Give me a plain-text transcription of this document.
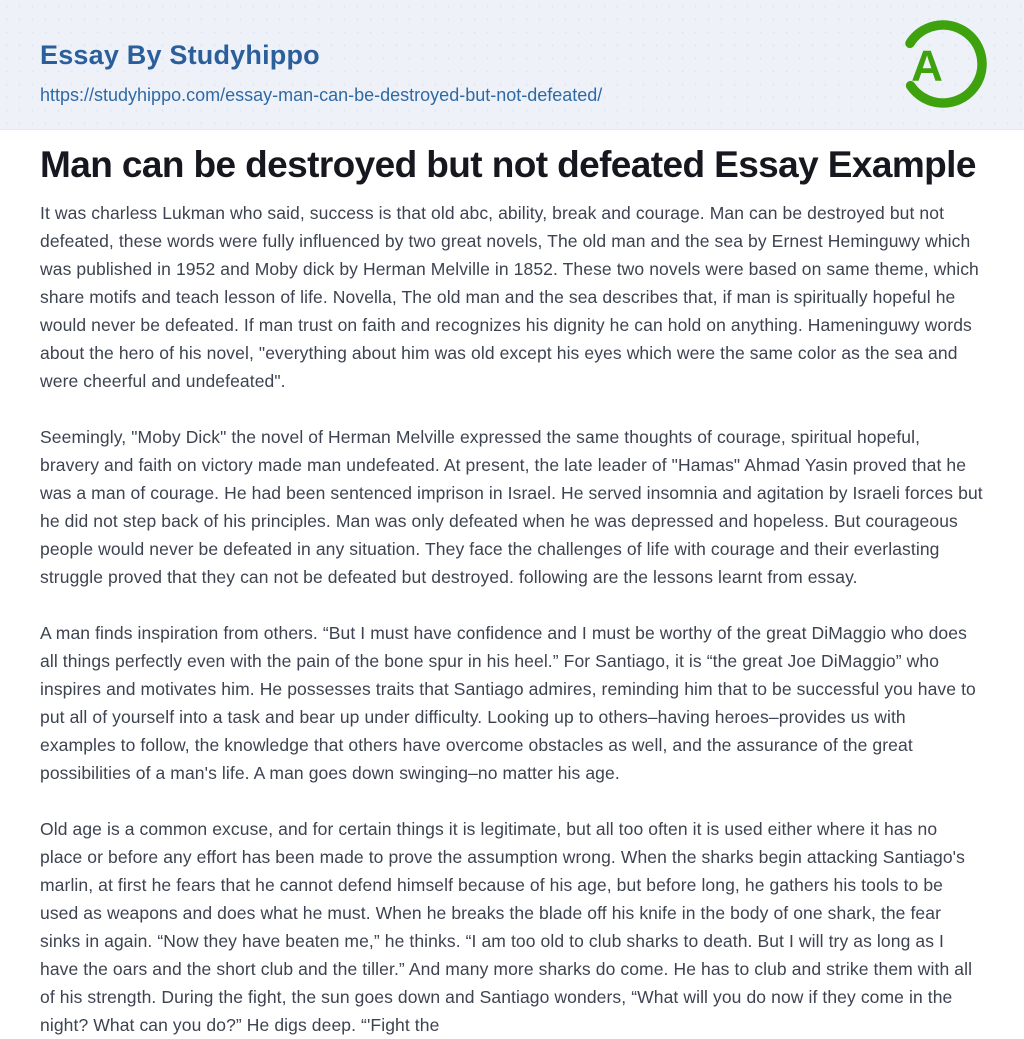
Essay By Studyhippo
https://studyhippo.com/essay-man-can-be-destroyed-but-not-defeated/
A
Man can be destroyed but not defeated Essay Example

It was charless Lukman who said, success is that old abc, ability, break and courage. Man can be destroyed but not defeated, these words were fully influenced by two great novels, The old man and the sea by Ernest Heminguwy which was published in 1952 and Moby dick by Herman Melville in 1852. These two novels were based on same theme, which share motifs and teach lesson of life. Novella, The old man and the sea describes that, if man is spiritually hopeful he would never be defeated. If man trust on faith and recognizes his dignity he can hold on anything. Hameninguwy words about the hero of his novel, "everything about him was old except his eyes which were the same color as the sea and were cheerful and undefeated".

Seemingly, "Moby Dick" the novel of Herman Melville expressed the same thoughts of courage, spiritual hopeful, bravery and faith on victory made man undefeated. At present, the late leader of "Hamas" Ahmad Yasin proved that he was a man of courage. He had been sentenced imprison in Israel. He served insomnia and agitation by Israeli forces but he did not step back of his principles. Man was only defeated when he was depressed and hopeless. But courageous people would never be defeated in any situation. They face the challenges of life with courage and their everlasting struggle proved that they can not be defeated but destroyed. following are the lessons learnt from essay.

A man finds inspiration from others. “But I must have confidence and I must be worthy of the great DiMaggio who does all things perfectly even with the pain of the bone spur in his heel.” For Santiago, it is “the great Joe DiMaggio” who inspires and motivates him. He possesses traits that Santiago admires, reminding him that to be successful you have to put all of yourself into a task and bear up under difficulty. Looking up to others–having heroes–provides us with examples to follow, the knowledge that others have overcome obstacles as well, and the assurance of the great possibilities of a man's life. A man goes down swinging–no matter his age.

Old age is a common excuse, and for certain things it is legitimate, but all too often it is used either where it has no place or before any effort has been made to prove the assumption wrong. When the sharks begin attacking Santiago's marlin, at first he fears that he cannot defend himself because of his age, but before long, he gathers his tools to be used as weapons and does what he must. When he breaks the blade off his knife in the body of one shark, the fear sinks in again. “Now they have beaten me,” he thinks. “I am too old to club sharks to death. But I will try as long as I have the oars and the short club and the tiller.” And many more sharks do come. He has to club and strike them with all of his strength. During the fight, the sun goes down and Santiago wonders, “What will you do now if they come in the night? What can you do?” He digs deep. “'Fight the
